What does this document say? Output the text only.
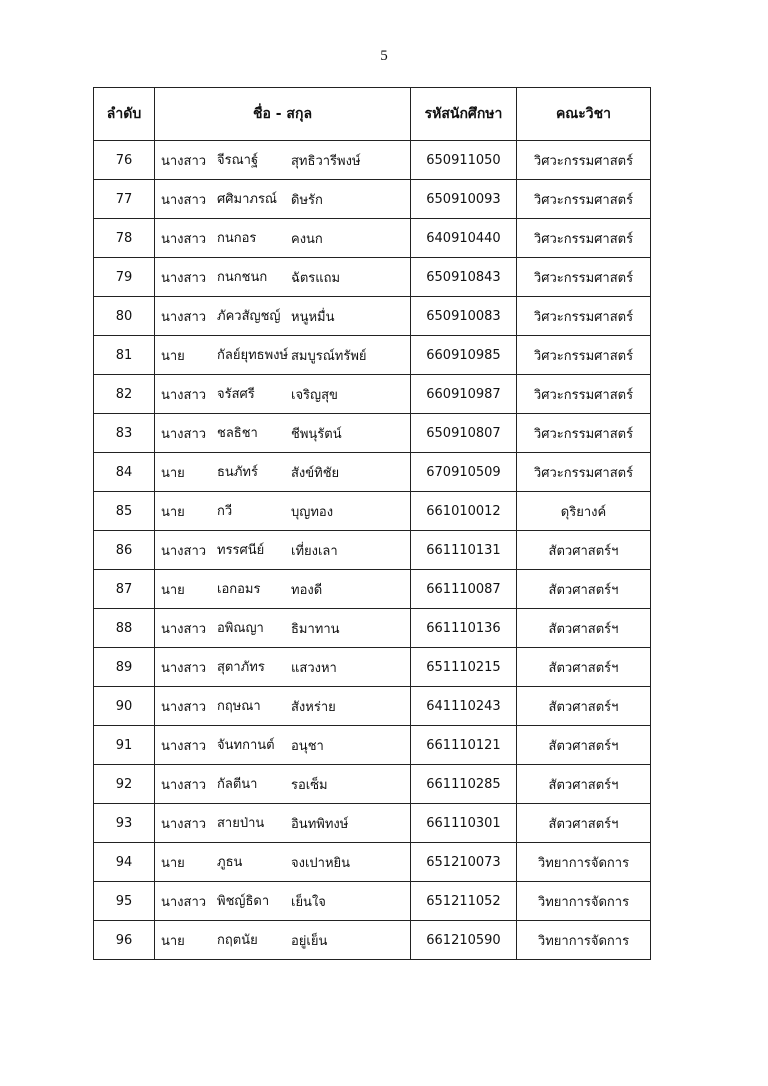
5
ลำดับ	ชื่อ - สกุล	รหัสนักศึกษา	คณะวิชา
76	นางสาว จีรณาฐ์ สุทธิวารีพงษ์	650911050	วิศวะกรรมศาสตร์
77	นางสาว ศศิมาภรณ์ ดิษรัก	650910093	วิศวะกรรมศาสตร์
78	นางสาว กนกอร คงนก	640910440	วิศวะกรรมศาสตร์
79	นางสาว กนกชนก ฉัตรแถม	650910843	วิศวะกรรมศาสตร์
80	นางสาว ภัควสัญชญ์ หนูหมื่น	650910083	วิศวะกรรมศาสตร์
81	นาย กัลย์ยุทธพงษ์ สมบูรณ์ทรัพย์	660910985	วิศวะกรรมศาสตร์
82	นางสาว จรัสศรี เจริญสุข	660910987	วิศวะกรรมศาสตร์
83	นางสาว ชลธิชา ชีพนุรัตน์	650910807	วิศวะกรรมศาสตร์
84	นาย ธนภัทร์ สังข์ทิชัย	670910509	วิศวะกรรมศาสตร์
85	นาย กวี บุญทอง	661010012	ดุริยางค์
86	นางสาว ทรรศนีย์ เที่ยงเลา	661110131	สัตวศาสตร์ฯ
87	นาย เอกอมร ทองดี	661110087	สัตวศาสตร์ฯ
88	นางสาว อพิณญา ธิมาทาน	661110136	สัตวศาสตร์ฯ
89	นางสาว สุตาภัทร แสวงหา	651110215	สัตวศาสตร์ฯ
90	นางสาว กฤษณา สังหร่าย	641110243	สัตวศาสตร์ฯ
91	นางสาว จันทกานต์ อนุชา	661110121	สัตวศาสตร์ฯ
92	นางสาว กัลตีนา รอเซ็ม	661110285	สัตวศาสตร์ฯ
93	นางสาว สายป่าน อินทพิทงษ์	661110301	สัตวศาสตร์ฯ
94	นาย ภูธน จงเปาหยิน	651210073	วิทยาการจัดการ
95	นางสาว พิชญ์ธิดา เย็นใจ	651211052	วิทยาการจัดการ
96	นาย กฤตนัย อยู่เย็น	661210590	วิทยาการจัดการ
